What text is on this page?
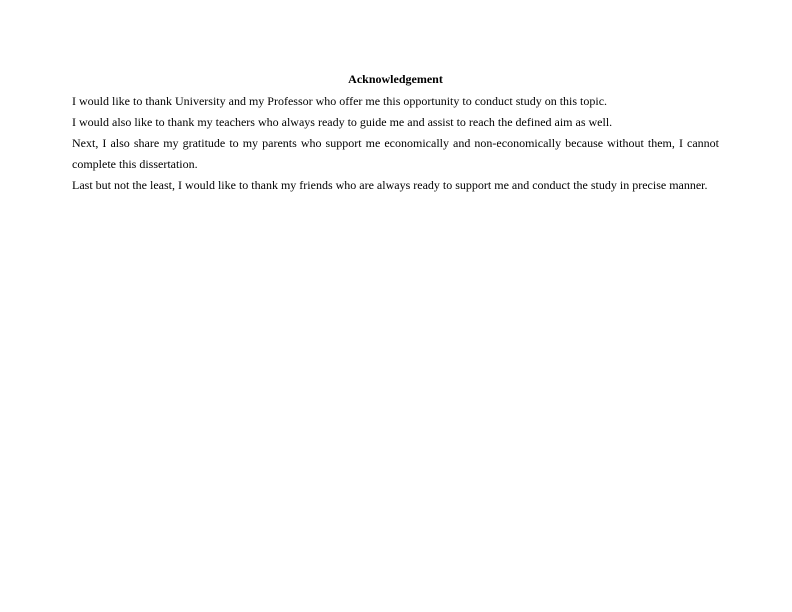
Acknowledgement

I would like to thank University and my Professor who offer me this opportunity to conduct study on this topic.

I would also like to thank my teachers who always ready to guide me and assist to reach the defined aim as well.

Next, I also share my gratitude to my parents who support me economically and non-economically because without them, I cannot complete this dissertation.

Last but not the least, I would like to thank my friends who are always ready to support me and conduct the study in precise manner.
